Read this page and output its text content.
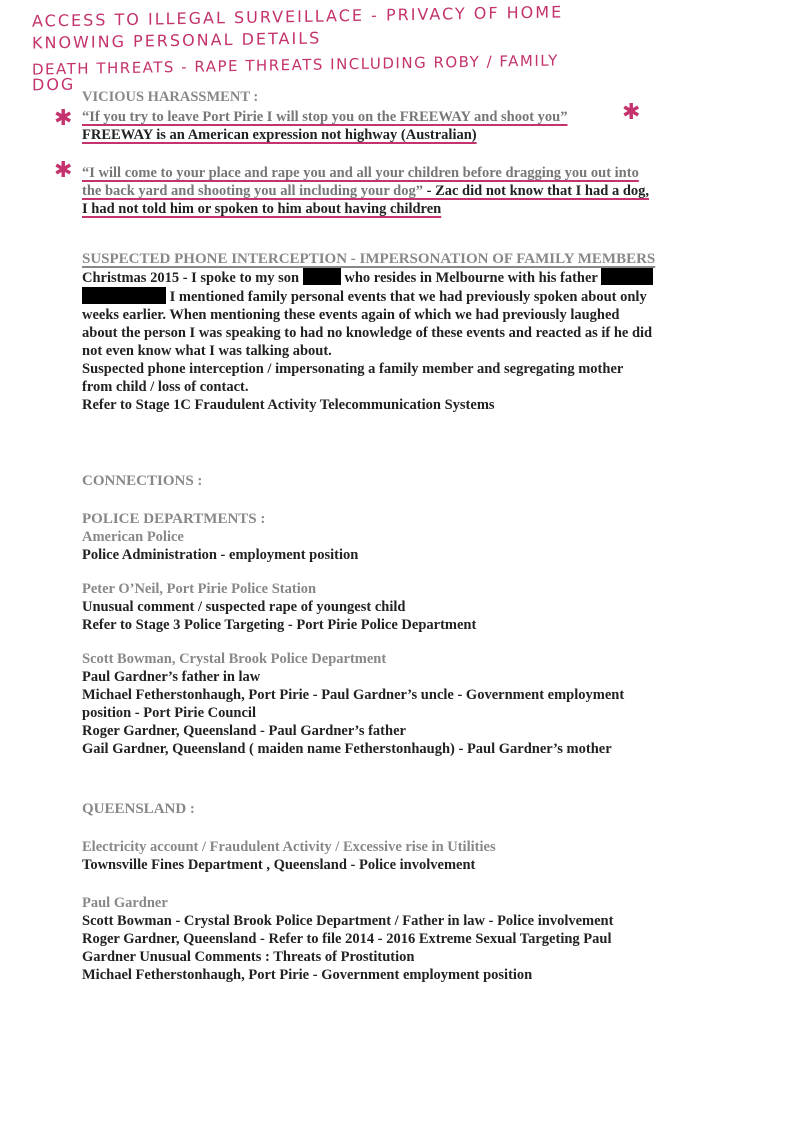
ACCESS TO ILLEGAL SURVEILLACE - PRIVACY OF HOME
KNOWING PERSONAL DETAILS
DEATH THREATS - RAPE THREATS INCLUDING ROBY / FAMILY
DOG
VICIOUS HARASSMENT :
“If you try to leave Port Pirie I will stop you on the FREEWAY and shoot you”
FREEWAY is an American expression not highway (Australian)
“I will come to your place and rape you and all your children before dragging you out into
the back yard and shooting you all including your dog” - Zac did not know that I had a dog,
I had not told him or spoken to him about having children
✱	✱
✱
SUSPECTED PHONE INTERCEPTION - IMPERSONATION OF FAMILY MEMBERS
Christmas 2015 - I spoke to my son	who resides in Melbourne with his father
I mentioned family personal events that we had previously spoken about only
weeks earlier. When mentioning these events again of which we had previously laughed
about the person I was speaking to had no knowledge of these events and reacted as if he did
not even know what I was talking about.
Suspected phone interception / impersonating a family member and segregating mother
from child / loss of contact.
Refer to Stage 1C Fraudulent Activity Telecommunication Systems
CONNECTIONS :
POLICE DEPARTMENTS :
American Police
Police Administration - employment position
Peter O’Neil, Port Pirie Police Station
Unusual comment / suspected rape of youngest child
Refer to Stage 3 Police Targeting - Port Pirie Police Department
Scott Bowman, Crystal Brook Police Department
Paul Gardner’s father in law
Michael Fetherstonhaugh, Port Pirie - Paul Gardner’s uncle - Government employment
position - Port Pirie Council
Roger Gardner, Queensland - Paul Gardner’s father
Gail Gardner, Queensland ( maiden name Fetherstonhaugh) - Paul Gardner’s mother
QUEENSLAND :
Electricity account / Fraudulent Activity / Excessive rise in Utilities
Townsville Fines Department , Queensland - Police involvement
Paul Gardner
Scott Bowman - Crystal Brook Police Department / Father in law - Police involvement
Roger Gardner, Queensland - Refer to file 2014 - 2016 Extreme Sexual Targeting Paul
Gardner Unusual Comments : Threats of Prostitution
Michael Fetherstonhaugh, Port Pirie - Government employment position
